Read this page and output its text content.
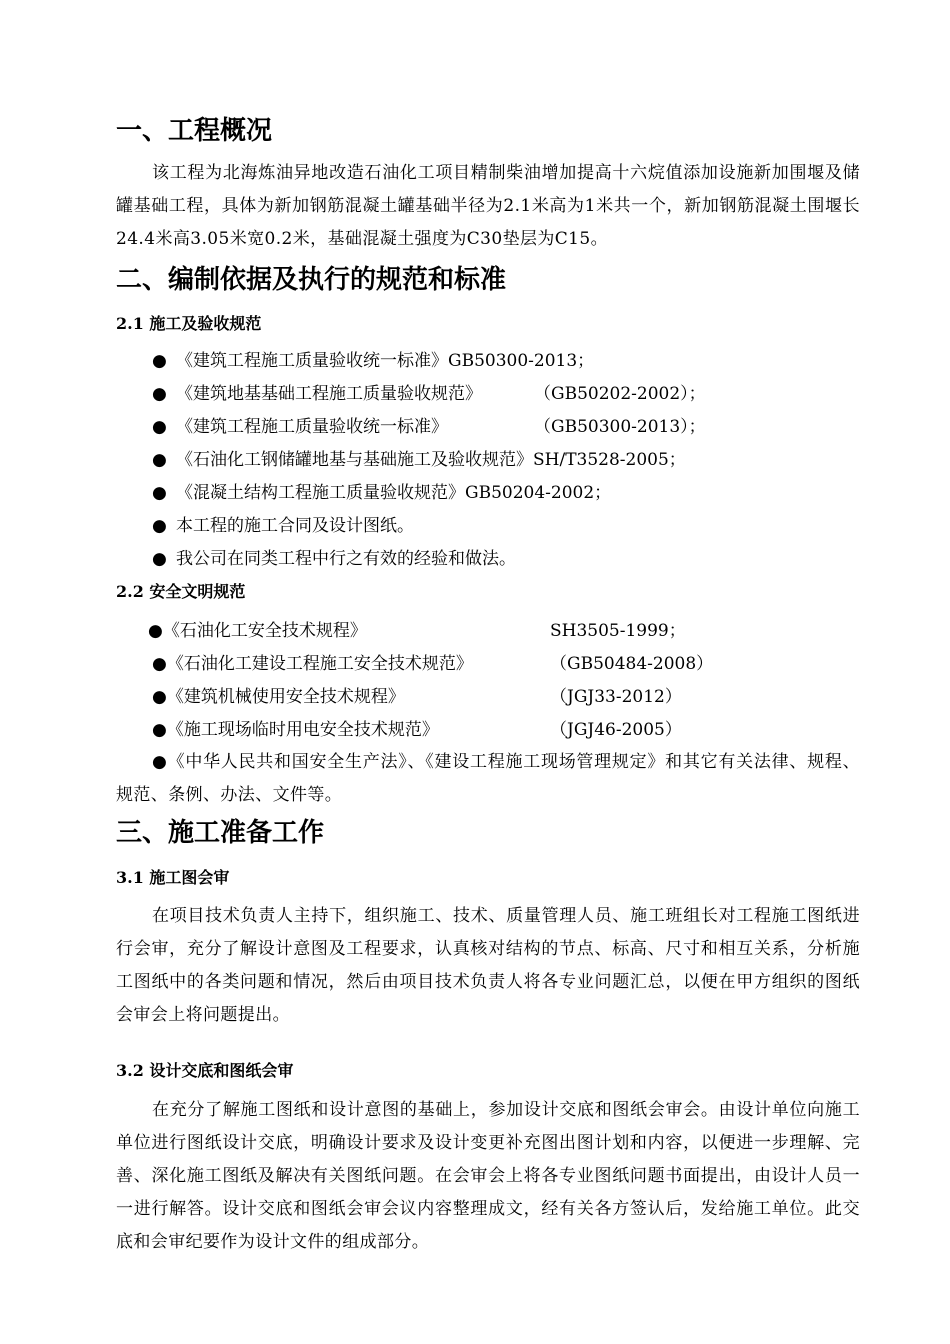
一、工程概况
该工程为北海炼油异地改造石油化工项目精制柴油增加提高十六烷值添加设施新加围堰及储罐基础工程，具体为新加钢筋混凝土罐基础半径为2.1米高为1米共一个，新加钢筋混凝土围堰长24.4米高3.05米宽0.2米，基础混凝土强度为C30垫层为C15。
二、编制依据及执行的规范和标准
2.1 施工及验收规范
● 《建筑工程施工质量验收统一标准》GB50300-2013；
● 《建筑地基基础工程施工质量验收规范》	（GB50202-2002）；
● 《建筑工程施工质量验收统一标准》	（GB50300-2013）；
● 《石油化工钢储罐地基与基础施工及验收规范》SH/T3528-2005；
● 《混凝土结构工程施工质量验收规范》GB50204-2002；
● 本工程的施工合同及设计图纸。
● 我公司在同类工程中行之有效的经验和做法。
2.2 安全文明规范
●《石油化工安全技术规程》	SH3505-1999；
●《石油化工建设工程施工安全技术规范》	（GB50484-2008）
●《建筑机械使用安全技术规程》	（JGJ33-2012）
●《施工现场临时用电安全技术规范》	（JGJ46-2005）
●《中华人民共和国安全生产法》、《建设工程施工现场管理规定》和其它有关法律、规程、规范、条例、办法、文件等。
三、施工准备工作
3.1 施工图会审
在项目技术负责人主持下，组织施工、技术、质量管理人员、施工班组长对工程施工图纸进行会审，充分了解设计意图及工程要求，认真核对结构的节点、标高、尺寸和相互关系，分析施工图纸中的各类问题和情况，然后由项目技术负责人将各专业问题汇总，以便在甲方组织的图纸会审会上将问题提出。
3.2 设计交底和图纸会审
在充分了解施工图纸和设计意图的基础上，参加设计交底和图纸会审会。由设计单位向施工单位进行图纸设计交底，明确设计要求及设计变更补充图出图计划和内容，以便进一步理解、完善、深化施工图纸及解决有关图纸问题。在会审会上将各专业图纸问题书面提出，由设计人员一一进行解答。设计交底和图纸会审会议内容整理成文，经有关各方签认后，发给施工单位。此交底和会审纪要作为设计文件的组成部分。
